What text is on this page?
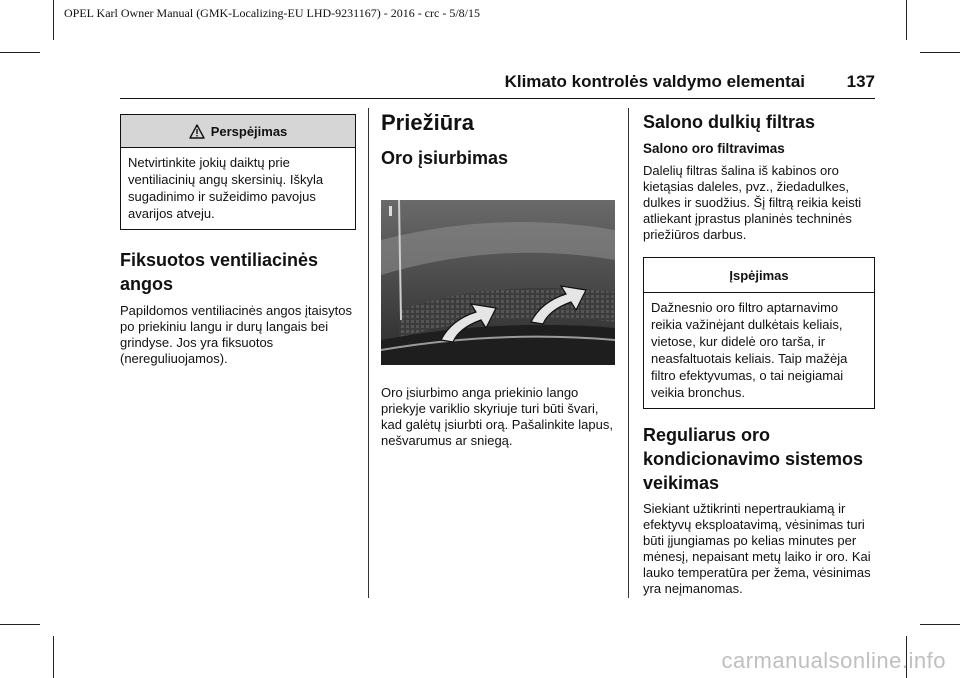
OPEL Karl Owner Manual (GMK-Localizing-EU LHD-9231167) - 2016 - crc - 5/8/15
Klimato kontrolės valdymo elementai 137
Perspėjimas
Netvirtinkite jokių daiktų prie ventiliacinių angų skersinių. Iškyla sugadinimo ir sužeidimo pavojus avarijos atveju.
Fiksuotos ventiliacinės angos

Papildomos ventiliacinės angos įtaisytos po priekiniu langu ir durų langais bei grindyse. Jos yra fiksuotos (nereguliuojamos).

Priežiūra
Oro įsiurbimas

Oro įsiurbimo anga priekinio lango priekyje variklio skyriuje turi būti švari, kad galėtų įsiurbti orą. Pašalinkite lapus, nešvarumus ar sniegą.

Salono dulkių filtras
Salono oro filtravimas

Dalelių filtras šalina iš kabinos oro kietąsias daleles, pvz., žiedadulkes, dulkes ir suodžius. Šį filtrą reikia keisti atliekant įprastus planinės techninės priežiūros darbus.

Įspėjimas
Dažnesnio oro filtro aptarnavimo reikia važinėjant dulkėtais keliais, vietose, kur didelė oro tarša, ir neasfaltuotais keliais. Taip mažėja filtro efektyvumas, o tai neigiamai veikia bronchus.
Reguliarus oro kondicionavimo sistemos veikimas

Siekiant užtikrinti nepertraukiamą ir efektyvų eksploatavimą, vėsinimas turi būti įjungiamas po kelias minutes per mėnesį, nepaisant metų laiko ir oro. Kai lauko temperatūra per žema, vėsinimas yra neįmanomas.

carmanualsonline.info
